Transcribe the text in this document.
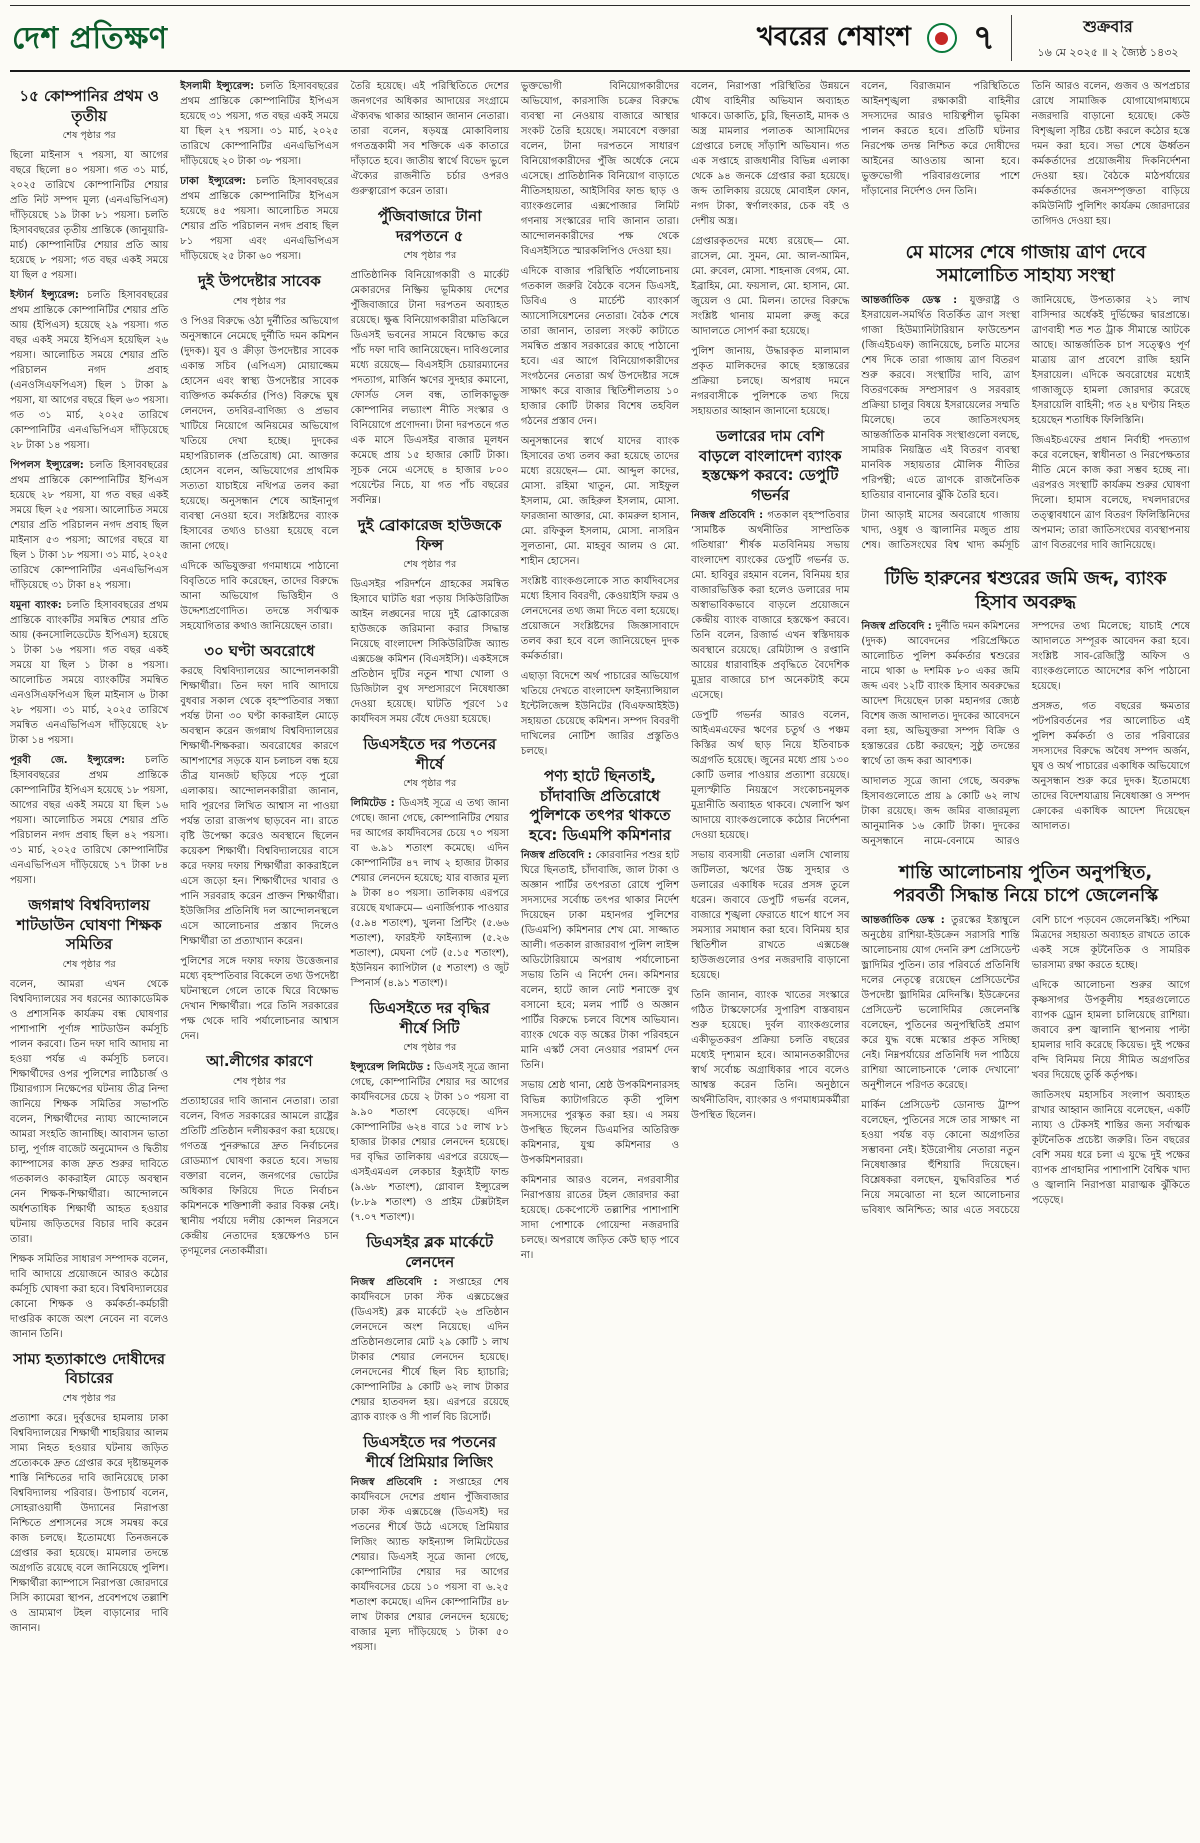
দেশ প্রতিক্ষণ	খবরের শেষাংশ ৭	শুক্রবার
১৬ মে ২০২৫ ॥ ২ জ্যৈষ্ঠ ১৪৩২
১৫ কোম্পানির প্রথম ও তৃতীয়
শেষ পৃষ্ঠার পর

ছিলো মাইনাস ৭ পয়সা, যা আগের বছরে ছিলো ৪০ পয়সা। গত ৩১ মার্চ, ২০২৫ তারিখে কোম্পানিটির শেয়ার প্রতি নিট সম্পদ মূল্য (এনএভিপিএস) দাঁড়িয়েছে ১৯ টাকা ৮১ পয়সা। চলতি হিসাববছরের তৃতীয় প্রান্তিকে (জানুয়ারি-মার্চ) কোম্পানিটির শেয়ার প্রতি আয় হয়েছে ৮ পয়সা; গত বছর একই সময়ে যা ছিল ৫ পয়সা।

ইস্টার্ন ইন্স্যুরেন্স: চলতি হিসাববছরের প্রথম প্রান্তিকে কোম্পানিটির শেয়ার প্রতি আয় (ইপিএস) হয়েছে ২৯ পয়সা। গত বছর একই সময়ে ইপিএস হয়েছিল ২৬ পয়সা। আলোচিত সময়ে শেয়ার প্রতি পরিচালন নগদ প্রবাহ (এনওসিএফপিএস) ছিল ১ টাকা ৯ পয়সা, যা আগের বছরে ছিল ৬৩ পয়সা। গত ৩১ মার্চ, ২০২৫ তারিখে কোম্পানিটির এনএভিপিএস দাঁড়িয়েছে ২৮ টাকা ১৪ পয়সা।

পিপলস ইন্স্যুরেন্স: চলতি হিসাববছরের প্রথম প্রান্তিকে কোম্পানিটির ইপিএস হয়েছে ২৮ পয়সা, যা গত বছর একই সময়ে ছিল ২৫ পয়সা। আলোচিত সময়ে শেয়ার প্রতি পরিচালন নগদ প্রবাহ ছিল মাইনাস ৫৩ পয়সা; আগের বছরে যা ছিল ১ টাকা ১৮ পয়সা। ৩১ মার্চ, ২০২৫ তারিখে কোম্পানিটির এনএভিপিএস দাঁড়িয়েছে ৩১ টাকা ৪২ পয়সা।

যমুনা ব্যাংক: চলতি হিসাববছরের প্রথম প্রান্তিকে ব্যাংকটির সমন্বিত শেয়ার প্রতি আয় (কনসোলিডেটেড ইপিএস) হয়েছে ১ টাকা ১৬ পয়সা। গত বছর একই সময়ে যা ছিল ১ টাকা ৪ পয়সা। আলোচিত সময়ে ব্যাংকটির সমন্বিত এনওসিএফপিএস ছিল মাইনাস ৬ টাকা ২৮ পয়সা। ৩১ মার্চ, ২০২৫ তারিখে সমন্বিত এনএভিপিএস দাঁড়িয়েছে ২৮ টাকা ১৪ পয়সা।

পূরবী জে. ইন্স্যুরেন্স: চলতি হিসাববছরের প্রথম প্রান্তিকে কোম্পানিটির ইপিএস হয়েছে ১৮ পয়সা, আগের বছর একই সময়ে যা ছিল ১৬ পয়সা। আলোচিত সময়ে শেয়ার প্রতি পরিচালন নগদ প্রবাহ ছিল ৪২ পয়সা। ৩১ মার্চ, ২০২৫ তারিখে কোম্পানিটির এনএভিপিএস দাঁড়িয়েছে ১৭ টাকা ৮৪ পয়সা।

জগন্নাথ বিশ্ববিদ্যালয় শাটডাউন ঘোষণা শিক্ষক সমিতির
শেষ পৃষ্ঠার পর

বলেন, আমরা এখন থেকে বিশ্ববিদ্যালয়ের সব ধরনের অ্যাকাডেমিক ও প্রশাসনিক কার্যক্রম বন্ধ ঘোষণার পাশাপাশি পূর্ণাঙ্গ শাটডাউন কর্মসূচি পালন করবো। তিন দফা দাবি আদায় না হওয়া পর্যন্ত এ কর্মসূচি চলবে। শিক্ষার্থীদের ওপর পুলিশের লাঠিচার্জ ও টিয়ারগ্যাস নিক্ষেপের ঘটনায় তীব্র নিন্দা জানিয়ে শিক্ষক সমিতির সভাপতি বলেন, শিক্ষার্থীদের ন্যায্য আন্দোলনে আমরা সংহতি জানাচ্ছি। আবাসন ভাতা চালু, পূর্ণাঙ্গ বাজেট অনুমোদন ও দ্বিতীয় ক্যাম্পাসের কাজ দ্রুত শুরুর দাবিতে গতকালও কাকরাইল মোড়ে অবস্থান নেন শিক্ষক-শিক্ষার্থীরা। আন্দোলনে অর্ধশতাধিক শিক্ষার্থী আহত হওয়ার ঘটনায় জড়িতদের বিচার দাবি করেন তারা।

শিক্ষক সমিতির সাধারণ সম্পাদক বলেন, দাবি আদায়ে প্রয়োজনে আরও কঠোর কর্মসূচি ঘোষণা করা হবে। বিশ্ববিদ্যালয়ের কোনো শিক্ষক ও কর্মকর্তা-কর্মচারী দাপ্তরিক কাজে অংশ নেবেন না বলেও জানান তিনি।

সাম্য হত্যাকাণ্ডে দোষীদের বিচারের
শেষ পৃষ্ঠার পর

প্রত্যাশা করে। দুর্বৃত্তদের হামলায় ঢাকা বিশ্ববিদ্যালয়ের শিক্ষার্থী শাহরিয়ার আলম সাম্য নিহত হওয়ার ঘটনায় জড়িত প্রত্যেককে দ্রুত গ্রেপ্তার করে দৃষ্টান্তমূলক শাস্তি নিশ্চিতের দাবি জানিয়েছে ঢাকা বিশ্ববিদ্যালয় পরিবার। উপাচার্য বলেন, সোহরাওয়ার্দী উদ্যানের নিরাপত্তা নিশ্চিতে প্রশাসনের সঙ্গে সমন্বয় করে কাজ চলছে। ইতোমধ্যে তিনজনকে গ্রেপ্তার করা হয়েছে। মামলার তদন্তে অগ্রগতি রয়েছে বলে জানিয়েছে পুলিশ। শিক্ষার্থীরা ক্যাম্পাসে নিরাপত্তা জোরদারে সিসি ক্যামেরা স্থাপন, প্রবেশপথে তল্লাশি ও ভ্রাম্যমাণ টহল বাড়ানোর দাবি জানান।

ইসলামী ইন্স্যুরেন্স: চলতি হিসাববছরের প্রথম প্রান্তিকে কোম্পানিটির ইপিএস হয়েছে ৩১ পয়সা, গত বছর একই সময়ে যা ছিল ২৭ পয়সা। ৩১ মার্চ, ২০২৫ তারিখে কোম্পানিটির এনএভিপিএস দাঁড়িয়েছে ২০ টাকা ৩৮ পয়সা।

ঢাকা ইন্স্যুরেন্স: চলতি হিসাববছরের প্রথম প্রান্তিকে কোম্পানিটির ইপিএস হয়েছে ৪৫ পয়সা। আলোচিত সময়ে শেয়ার প্রতি পরিচালন নগদ প্রবাহ ছিল ৮১ পয়সা এবং এনএভিপিএস দাঁড়িয়েছে ২৫ টাকা ৬০ পয়সা।

দুই উপদেষ্টার সাবেক
শেষ পৃষ্ঠার পর

ও পিওর বিরুদ্ধে ওঠা দুর্নীতির অভিযোগ অনুসন্ধানে নেমেছে দুর্নীতি দমন কমিশন (দুদক)। যুব ও ক্রীড়া উপদেষ্টার সাবেক একান্ত সচিব (এপিএস) মোয়াজ্জেম হোসেন এবং স্বাস্থ্য উপদেষ্টার সাবেক ব্যক্তিগত কর্মকর্তার (পিও) বিরুদ্ধে ঘুষ লেনদেন, তদবির-বাণিজ্য ও প্রভাব খাটিয়ে নিয়োগে অনিয়মের অভিযোগ খতিয়ে দেখা হচ্ছে। দুদকের মহাপরিচালক (প্রতিরোধ) মো. আক্তার হোসেন বলেন, অভিযোগের প্রাথমিক সত্যতা যাচাইয়ে নথিপত্র তলব করা হয়েছে। অনুসন্ধান শেষে আইনানুগ ব্যবস্থা নেওয়া হবে। সংশ্লিষ্টদের ব্যাংক হিসাবের তথ্যও চাওয়া হয়েছে বলে জানা গেছে।

এদিকে অভিযুক্তরা গণমাধ্যমে পাঠানো বিবৃতিতে দাবি করেছেন, তাদের বিরুদ্ধে আনা অভিযোগ ভিত্তিহীন ও উদ্দেশ্যপ্রণোদিত। তদন্তে সর্বাত্মক সহযোগিতার কথাও জানিয়েছেন তারা।

৩০ ঘণ্টা অবরোধে

করছে বিশ্ববিদ্যালয়ের আন্দোলনকারী শিক্ষার্থীরা। তিন দফা দাবি আদায়ে বুধবার সকাল থেকে বৃহস্পতিবার সন্ধ্যা পর্যন্ত টানা ৩০ ঘণ্টা কাকরাইল মোড়ে অবস্থান করেন জগন্নাথ বিশ্ববিদ্যালয়ের শিক্ষার্থী-শিক্ষকরা। অবরোধের কারণে আশপাশের সড়কে যান চলাচল বন্ধ হয়ে তীব্র যানজট ছড়িয়ে পড়ে পুরো এলাকায়। আন্দোলনকারীরা জানান, দাবি পূরণের লিখিত আশ্বাস না পাওয়া পর্যন্ত তারা রাজপথ ছাড়বেন না। রাতে বৃষ্টি উপেক্ষা করেও অবস্থানে ছিলেন কয়েকশ শিক্ষার্থী। বিশ্ববিদ্যালয়ের বাসে করে দফায় দফায় শিক্ষার্থীরা কাকরাইলে এসে জড়ো হন। শিক্ষার্থীদের খাবার ও পানি সরবরাহ করেন প্রাক্তন শিক্ষার্থীরা। ইউজিসির প্রতিনিধি দল আন্দোলনস্থলে এসে আলোচনার প্রস্তাব দিলেও শিক্ষার্থীরা তা প্রত্যাখ্যান করেন।

পুলিশের সঙ্গে দফায় দফায় উত্তেজনার মধ্যে বৃহস্পতিবার বিকেলে তথ্য উপদেষ্টা ঘটনাস্থলে গেলে তাকে ঘিরে বিক্ষোভ দেখান শিক্ষার্থীরা। পরে তিনি সরকারের পক্ষ থেকে দাবি পর্যালোচনার আশ্বাস দেন।

আ.লীগের কারণে
শেষ পৃষ্ঠার পর

প্রত্যাহারের দাবি জানান নেতারা। তারা বলেন, বিগত সরকারের আমলে রাষ্ট্রের প্রতিটি প্রতিষ্ঠান দলীয়করণ করা হয়েছে। গণতন্ত্র পুনরুদ্ধারে দ্রুত নির্বাচনের রোডম্যাপ ঘোষণা করতে হবে। সভায় বক্তারা বলেন, জনগণের ভোটের অধিকার ফিরিয়ে দিতে নির্বাচন কমিশনকে শক্তিশালী করার বিকল্প নেই। স্থানীয় পর্যায়ে দলীয় কোন্দল নিরসনে কেন্দ্রীয় নেতাদের হস্তক্ষেপও চান তৃণমূলের নেতাকর্মীরা।

তৈরি হয়েছে। এই পরিস্থিতিতে দেশের জনগণের অধিকার আদায়ের সংগ্রামে ঐক্যবদ্ধ থাকার আহ্বান জানান নেতারা। তারা বলেন, ষড়যন্ত্র মোকাবিলায় গণতন্ত্রকামী সব শক্তিকে এক কাতারে দাঁড়াতে হবে। জাতীয় স্বার্থে বিভেদ ভুলে ঐক্যের রাজনীতি চর্চার ওপরও গুরুত্বারোপ করেন তারা।

পুঁজিবাজারে টানা দরপতনে ৫
শেষ পৃষ্ঠার পর

প্রাতিষ্ঠানিক বিনিয়োগকারী ও মার্কেট মেকারদের নিষ্ক্রিয় ভূমিকায় দেশের পুঁজিবাজারে টানা দরপতন অব্যাহত রয়েছে। ক্ষুব্ধ বিনিয়োগকারীরা মতিঝিলে ডিএসই ভবনের সামনে বিক্ষোভ করে পাঁচ দফা দাবি জানিয়েছেন। দাবিগুলোর মধ্যে রয়েছে— বিএসইসি চেয়ারম্যানের পদত্যাগ, মার্জিন ঋণের সুদহার কমানো, ফোর্সড সেল বন্ধ, তালিকাভুক্ত কোম্পানির লভ্যাংশ নীতি সংস্কার ও বিনিয়োগে প্রণোদনা। টানা দরপতনে গত এক মাসে ডিএসইর বাজার মূলধন কমেছে প্রায় ১৫ হাজার কোটি টাকা। সূচক নেমে এসেছে ৪ হাজার ৮০০ পয়েন্টের নিচে, যা গত পাঁচ বছরের সর্বনিম্ন।

দুই ব্রোকারেজ হাউজকে ফিন্স
শেষ পৃষ্ঠার পর

ডিএসইর পরিদর্শনে গ্রাহকের সমন্বিত হিসাবে ঘাটতি ধরা পড়ায় সিকিউরিটিজ আইন লঙ্ঘনের দায়ে দুই ব্রোকারেজ হাউজকে জরিমানা করার সিদ্ধান্ত নিয়েছে বাংলাদেশ সিকিউরিটিজ অ্যান্ড এক্সচেঞ্জ কমিশন (বিএসইসি)। একইসঙ্গে প্রতিষ্ঠান দুটির নতুন শাখা খোলা ও ডিজিটাল বুথ সম্প্রসারণে নিষেধাজ্ঞা দেওয়া হয়েছে। ঘাটতি পূরণে ১৫ কার্যদিবস সময় বেঁধে দেওয়া হয়েছে।

ডিএসইতে দর পতনের শীর্ষে
শেষ পৃষ্ঠার পর

লিমিটেড : ডিএসই সূত্রে এ তথ্য জানা গেছে। জানা গেছে, কোম্পানিটির শেয়ার দর আগের কার্যদিবসের চেয়ে ৭০ পয়সা বা ৬.৯১ শতাংশ কমেছে। এদিন কোম্পানিটির ৪৭ লাখ ২ হাজার টাকার শেয়ার লেনদেন হয়েছে; যার বাজার মূল্য ৯ টাকা ৪০ পয়সা। তালিকায় এরপরে রয়েছে যথাক্রমে— এনার্জিপ্যাক পাওয়ার (৫.৯৪ শতাংশ), খুলনা প্রিন্টিং (৫.৬৬ শতাংশ), ফারইস্ট ফাইন্যান্স (৫.২৬ শতাংশ), মেঘনা পেট (৫.১৫ শতাংশ), ইউনিয়ন ক্যাপিটাল (৫ শতাংশ) ও জুট স্পিনার্স (৪.৯১ শতাংশ)।

ডিএসইতে দর বৃদ্ধির শীর্ষে সিটি
শেষ পৃষ্ঠার পর

ইন্স্যুরেন্স লিমিটেড : ডিএসই সূত্রে জানা গেছে, কোম্পানিটির শেয়ার দর আগের কার্যদিবসের চেয়ে ২ টাকা ১০ পয়সা বা ৯.৯০ শতাংশ বেড়েছে। এদিন কোম্পানিটির ৬২৪ বারে ১৫ লাখ ৮১ হাজার টাকার শেয়ার লেনদেন হয়েছে। দর বৃদ্ধির তালিকায় এরপরে রয়েছে— এসইএমএল লেকচার ইক্যুইটি ফান্ড (৯.৬৮ শতাংশ), গ্লোবাল ইন্স্যুরেন্স (৮.৮৯ শতাংশ) ও প্রাইম টেক্সটাইল (৭.০৭ শতাংশ)।

ডিএসইর ব্লক মার্কেটে লেনদেন

নিজস্ব প্রতিবেদি : সপ্তাহের শেষ কার্যদিবসে ঢাকা স্টক এক্সচেঞ্জের (ডিএসই) ব্লক মার্কেটে ২৬ প্রতিষ্ঠান লেনদেনে অংশ নিয়েছে। এদিন প্রতিষ্ঠানগুলোর মোট ২৯ কোটি ১ লাখ টাকার শেয়ার লেনদেন হয়েছে। লেনদেনের শীর্ষে ছিল বিচ হ্যাচারি; কোম্পানিটির ৯ কোটি ৬২ লাখ টাকার শেয়ার হাতবদল হয়। এরপরে রয়েছে ব্র্যাক ব্যাংক ও সী পার্ল বিচ রিসোর্ট।

ডিএসইতে দর পতনের শীর্ষে প্রিমিয়ার লিজিং

নিজস্ব প্রতিবেদি : সপ্তাহের শেষ কার্যদিবসে দেশের প্রধান পুঁজিবাজার ঢাকা স্টক এক্সচেঞ্জে (ডিএসই) দর পতনের শীর্ষে উঠে এসেছে প্রিমিয়ার লিজিং অ্যান্ড ফাইন্যান্স লিমিটেডের শেয়ার। ডিএসই সূত্রে জানা গেছে, কোম্পানিটির শেয়ার দর আগের কার্যদিবসের চেয়ে ১০ পয়সা বা ৬.২৫ শতাংশ কমেছে। এদিন কোম্পানিটির ৪৮ লাখ টাকার শেয়ার লেনদেন হয়েছে; বাজার মূল্য দাঁড়িয়েছে ১ টাকা ৫০ পয়সা।

ভুক্তভোগী বিনিয়োগকারীদের অভিযোগ, কারসাজি চক্রের বিরুদ্ধে ব্যবস্থা না নেওয়ায় বাজারে আস্থার সংকট তৈরি হয়েছে। সমাবেশে বক্তারা বলেন, টানা দরপতনে সাধারণ বিনিয়োগকারীদের পুঁজি অর্ধেকে নেমে এসেছে। প্রাতিষ্ঠানিক বিনিয়োগ বাড়াতে নীতিসহায়তা, আইসিবির ফান্ড ছাড় ও ব্যাংকগুলোর এক্সপোজার লিমিট গণনায় সংস্কারের দাবি জানান তারা। আন্দোলনকারীদের পক্ষ থেকে বিএসইসিতে স্মারকলিপিও দেওয়া হয়।

এদিকে বাজার পরিস্থিতি পর্যালোচনায় গতকাল জরুরি বৈঠকে বসেন ডিএসই, ডিবিএ ও মার্চেন্ট ব্যাংকার্স অ্যাসোসিয়েশনের নেতারা। বৈঠক শেষে তারা জানান, তারল্য সংকট কাটাতে সমন্বিত প্রস্তাব সরকারের কাছে পাঠানো হবে। এর আগে বিনিয়োগকারীদের সংগঠনের নেতারা অর্থ উপদেষ্টার সঙ্গে সাক্ষাৎ করে বাজার স্থিতিশীলতায় ১০ হাজার কোটি টাকার বিশেষ তহবিল গঠনের প্রস্তাব দেন।

অনুসন্ধানের স্বার্থে যাদের ব্যাংক হিসাবের তথ্য তলব করা হয়েছে তাদের মধ্যে রয়েছেন— মো. আব্দুল কাদের, মোসা. রহিমা খাতুন, মো. সাইফুল ইসলাম, মো. জহিরুল ইসলাম, মোসা. ফারজানা আক্তার, মো. কামরুল হাসান, মো. রফিকুল ইসলাম, মোসা. নাসরিন সুলতানা, মো. মাহবুব আলম ও মো. শাহীন হোসেন।

সংশ্লিষ্ট ব্যাংকগুলোকে সাত কার্যদিবসের মধ্যে হিসাব বিবরণী, কেওয়াইসি ফরম ও লেনদেনের তথ্য জমা দিতে বলা হয়েছে। প্রয়োজনে সংশ্লিষ্টদের জিজ্ঞাসাবাদে তলব করা হবে বলে জানিয়েছেন দুদক কর্মকর্তারা।

এছাড়া বিদেশে অর্থ পাচারের অভিযোগ খতিয়ে দেখতে বাংলাদেশ ফাইন্যান্সিয়াল ইন্টেলিজেন্স ইউনিটের (বিএফআইইউ) সহায়তা চেয়েছে কমিশন। সম্পদ বিবরণী দাখিলের নোটিশ জারির প্রস্তুতিও চলছে।

পণ্য হাটে ছিনতাই, চাঁদাবাজি প্রতিরোধে পুলিশকে তৎপর থাকতে হবে: ডিএমপি কমিশনার

নিজস্ব প্রতিবেদি : কোরবানির পশুর হাট ঘিরে ছিনতাই, চাঁদাবাজি, জাল টাকা ও অজ্ঞান পার্টির তৎপরতা রোধে পুলিশ সদস্যদের সর্বোচ্চ তৎপর থাকার নির্দেশ দিয়েছেন ঢাকা মহানগর পুলিশের (ডিএমপি) কমিশনার শেখ মো. সাজ্জাত আলী। গতকাল রাজারবাগ পুলিশ লাইন্স অডিটোরিয়ামে অপরাধ পর্যালোচনা সভায় তিনি এ নির্দেশ দেন। কমিশনার বলেন, হাটে জাল নোট শনাক্তে বুথ বসানো হবে; মলম পার্টি ও অজ্ঞান পার্টির বিরুদ্ধে চলবে বিশেষ অভিযান। ব্যাংক থেকে বড় অঙ্কের টাকা পরিবহনে মানি এস্কর্ট সেবা নেওয়ার পরামর্শ দেন তিনি।

সভায় শ্রেষ্ঠ থানা, শ্রেষ্ঠ উপকমিশনারসহ বিভিন্ন ক্যাটাগরিতে কৃতী পুলিশ সদস্যদের পুরস্কৃত করা হয়। এ সময় উপস্থিত ছিলেন ডিএমপির অতিরিক্ত কমিশনার, যুগ্ম কমিশনার ও উপকমিশনাররা।

কমিশনার আরও বলেন, নগরবাসীর নিরাপত্তায় রাতের টহল জোরদার করা হয়েছে। চেকপোস্টে তল্লাশির পাশাপাশি সাদা পোশাকে গোয়েন্দা নজরদারি চলছে। অপরাধে জড়িত কেউ ছাড় পাবে না।

বলেন, নিরাপত্তা পরিস্থিতির উন্নয়নে যৌথ বাহিনীর অভিযান অব্যাহত থাকবে। ডাকাতি, চুরি, ছিনতাই, মাদক ও অস্ত্র মামলার পলাতক আসামিদের গ্রেপ্তারে চলছে সাঁড়াশি অভিযান। গত এক সপ্তাহে রাজধানীর বিভিন্ন এলাকা থেকে ৯৪ জনকে গ্রেপ্তার করা হয়েছে। জব্দ তালিকায় রয়েছে মোবাইল ফোন, নগদ টাকা, স্বর্ণালংকার, চেক বই ও দেশীয় অস্ত্র।

গ্রেপ্তারকৃতদের মধ্যে রয়েছে— মো. রাসেল, মো. সুমন, মো. আল-আমিন, মো. রুবেল, মোসা. শাহনাজ বেগম, মো. ইব্রাহিম, মো. ফয়সাল, মো. হাসান, মো. জুয়েল ও মো. মিলন। তাদের বিরুদ্ধে সংশ্লিষ্ট থানায় মামলা রুজু করে আদালতে সোপর্দ করা হয়েছে।

পুলিশ জানায়, উদ্ধারকৃত মালামাল প্রকৃত মালিকদের কাছে হস্তান্তরের প্রক্রিয়া চলছে। অপরাধ দমনে নগরবাসীকে পুলিশকে তথ্য দিয়ে সহায়তার আহ্বান জানানো হয়েছে।

ডলারের দাম বেশি বাড়লে বাংলাদেশ ব্যাংক হস্তক্ষেপ করবে: ডেপুটি গভর্নর

নিজস্ব প্রতিবেদি : গতকাল বৃহস্পতিবার ‘সামষ্টিক অর্থনীতির সাম্প্রতিক গতিধারা’ শীর্ষক মতবিনিময় সভায় বাংলাদেশ ব্যাংকের ডেপুটি গভর্নর ড. মো. হাবিবুর রহমান বলেন, বিনিময় হার বাজারভিত্তিক করা হলেও ডলারের দাম অস্বাভাবিকভাবে বাড়লে প্রয়োজনে কেন্দ্রীয় ব্যাংক বাজারে হস্তক্ষেপ করবে। তিনি বলেন, রিজার্ভ এখন স্বস্তিদায়ক অবস্থানে রয়েছে। রেমিট্যান্স ও রপ্তানি আয়ের ধারাবাহিক প্রবৃদ্ধিতে বৈদেশিক মুদ্রার বাজারে চাপ অনেকটাই কমে এসেছে।

ডেপুটি গভর্নর আরও বলেন, আইএমএফের ঋণের চতুর্থ ও পঞ্চম কিস্তির অর্থ ছাড় নিয়ে ইতিবাচক অগ্রগতি হয়েছে। জুনের মধ্যে প্রায় ১৩০ কোটি ডলার পাওয়ার প্রত্যাশা রয়েছে। মূল্যস্ফীতি নিয়ন্ত্রণে সংকোচনমূলক মুদ্রানীতি অব্যাহত থাকবে। খেলাপি ঋণ আদায়ে ব্যাংকগুলোকে কঠোর নির্দেশনা দেওয়া হয়েছে।

সভায় ব্যবসায়ী নেতারা এলসি খোলায় জটিলতা, ঋণের উচ্চ সুদহার ও ডলারের একাধিক দরের প্রসঙ্গ তুলে ধরেন। জবাবে ডেপুটি গভর্নর বলেন, বাজারে শৃঙ্খলা ফেরাতে ধাপে ধাপে সব সমস্যার সমাধান করা হবে। বিনিময় হার স্থিতিশীল রাখতে এক্সচেঞ্জ হাউজগুলোর ওপর নজরদারি বাড়ানো হয়েছে।

তিনি জানান, ব্যাংক খাতের সংস্কারে গঠিত টাস্কফোর্সের সুপারিশ বাস্তবায়ন শুরু হয়েছে। দুর্বল ব্যাংকগুলোর একীভূতকরণ প্রক্রিয়া চলতি বছরের মধ্যেই দৃশ্যমান হবে। আমানতকারীদের স্বার্থ সর্বোচ্চ অগ্রাধিকার পাবে বলেও আশ্বস্ত করেন তিনি। অনুষ্ঠানে অর্থনীতিবিদ, ব্যাংকার ও গণমাধ্যমকর্মীরা উপস্থিত ছিলেন।

বলেন, বিরাজমান পরিস্থিতিতে আইনশৃঙ্খলা রক্ষাকারী বাহিনীর সদস্যদের আরও দায়িত্বশীল ভূমিকা পালন করতে হবে। প্রতিটি ঘটনার নিরপেক্ষ তদন্ত নিশ্চিত করে দোষীদের আইনের আওতায় আনা হবে। ভুক্তভোগী পরিবারগুলোর পাশে দাঁড়ানোর নির্দেশও দেন তিনি।

তিনি আরও বলেন, গুজব ও অপপ্রচার রোধে সামাজিক যোগাযোগমাধ্যমে নজরদারি বাড়ানো হয়েছে। কেউ বিশৃঙ্খলা সৃষ্টির চেষ্টা করলে কঠোর হস্তে দমন করা হবে। সভা শেষে ঊর্ধ্বতন কর্মকর্তাদের প্রয়োজনীয় দিকনির্দেশনা দেওয়া হয়। বৈঠকে মাঠপর্যায়ের কর্মকর্তাদের জনসম্পৃক্ততা বাড়িয়ে কমিউনিটি পুলিশিং কার্যক্রম জোরদারের তাগিদও দেওয়া হয়।

মে মাসের শেষে গাজায় ত্রাণ দেবে সমালোচিত সাহায্য সংস্থা

আন্তর্জাতিক ডেস্ক : যুক্তরাষ্ট্র ও ইসরায়েল-সমর্থিত বিতর্কিত ত্রাণ সংস্থা গাজা হিউম্যানিটারিয়ান ফাউন্ডেশন (জিএইচএফ) জানিয়েছে, চলতি মাসের শেষ দিকে তারা গাজায় ত্রাণ বিতরণ শুরু করবে। সংস্থাটির দাবি, ত্রাণ বিতরণকেন্দ্র সম্প্রসারণ ও সরবরাহ প্রক্রিয়া চালুর বিষয়ে ইসরায়েলের সম্মতি মিলেছে। তবে জাতিসংঘসহ আন্তর্জাতিক মানবিক সংস্থাগুলো বলছে, সামরিক নিয়ন্ত্রিত এই বিতরণ ব্যবস্থা মানবিক সহায়তার মৌলিক নীতির পরিপন্থী; এতে ত্রাণকে রাজনৈতিক হাতিয়ার বানানোর ঝুঁকি তৈরি হবে।

টানা আড়াই মাসের অবরোধে গাজায় খাদ্য, ওষুধ ও জ্বালানির মজুত প্রায় শেষ। জাতিসংঘের বিশ্ব খাদ্য কর্মসূচি জানিয়েছে, উপত্যকার ২১ লাখ বাসিন্দার অর্ধেকই দুর্ভিক্ষের দ্বারপ্রান্তে। ত্রাণবাহী শত শত ট্রাক সীমান্তে আটকে আছে। আন্তর্জাতিক চাপ সত্ত্বেও পূর্ণ মাত্রায় ত্রাণ প্রবেশে রাজি হয়নি ইসরায়েল। এদিকে অবরোধের মধ্যেই গাজাজুড়ে হামলা জোরদার করেছে ইসরায়েলি বাহিনী; গত ২৪ ঘণ্টায় নিহত হয়েছেন শতাধিক ফিলিস্তিনি।

জিএইচএফের প্রধান নির্বাহী পদত্যাগ করে বলেছেন, স্বাধীনতা ও নিরপেক্ষতার নীতি মেনে কাজ করা সম্ভব হচ্ছে না। এরপরও সংস্থাটি কার্যক্রম শুরুর ঘোষণা দিলো। হামাস বলেছে, দখলদারদের তত্ত্বাবধানে ত্রাণ বিতরণ ফিলিস্তিনিদের অপমান; তারা জাতিসংঘের ব্যবস্থাপনায় ত্রাণ বিতরণের দাবি জানিয়েছে।

টিভি হারুনের শ্বশুরের জমি জব্দ, ব্যাংক হিসাব অবরুদ্ধ

নিজস্ব প্রতিবেদি : দুর্নীতি দমন কমিশনের (দুদক) আবেদনের পরিপ্রেক্ষিতে আলোচিত পুলিশ কর্মকর্তার শ্বশুরের নামে থাকা ৬ দশমিক ৮০ একর জমি জব্দ এবং ১২টি ব্যাংক হিসাব অবরুদ্ধের আদেশ দিয়েছেন ঢাকা মহানগর জ্যেষ্ঠ বিশেষ জজ আদালত। দুদকের আবেদনে বলা হয়, অভিযুক্তরা সম্পদ বিক্রি ও হস্তান্তরের চেষ্টা করছেন; সুষ্ঠু তদন্তের স্বার্থে তা জব্দ করা আবশ্যক।

আদালত সূত্রে জানা গেছে, অবরুদ্ধ হিসাবগুলোতে প্রায় ৯ কোটি ৬২ লাখ টাকা রয়েছে। জব্দ জমির বাজারমূল্য আনুমানিক ১৬ কোটি টাকা। দুদকের অনুসন্ধানে নামে-বেনামে আরও সম্পদের তথ্য মিলেছে; যাচাই শেষে আদালতে সম্পূরক আবেদন করা হবে। সংশ্লিষ্ট সাব-রেজিস্ট্রি অফিস ও ব্যাংকগুলোতে আদেশের কপি পাঠানো হয়েছে।

প্রসঙ্গত, গত বছরের ক্ষমতার পটপরিবর্তনের পর আলোচিত এই পুলিশ কর্মকর্তা ও তার পরিবারের সদস্যদের বিরুদ্ধে অবৈধ সম্পদ অর্জন, ঘুষ ও অর্থ পাচারের একাধিক অভিযোগে অনুসন্ধান শুরু করে দুদক। ইতোমধ্যে তাদের বিদেশযাত্রায় নিষেধাজ্ঞা ও সম্পদ ক্রোকের একাধিক আদেশ দিয়েছেন আদালত।

শান্তি আলোচনায় পুতিন অনুপস্থিত, পরবর্তী সিদ্ধান্ত নিয়ে চাপে জেলেনস্কি

আন্তর্জাতিক ডেস্ক : তুরস্কের ইস্তাম্বুলে অনুষ্ঠেয় রাশিয়া-ইউক্রেন সরাসরি শান্তি আলোচনায় যোগ দেননি রুশ প্রেসিডেন্ট ভ্লাদিমির পুতিন। তার পরিবর্তে প্রতিনিধি দলের নেতৃত্বে রয়েছেন প্রেসিডেন্টের উপদেষ্টা ভ্লাদিমির মেদিনস্কি। ইউক্রেনের প্রেসিডেন্ট ভলোদিমির জেলেনস্কি বলেছেন, পুতিনের অনুপস্থিতিই প্রমাণ করে যুদ্ধ বন্ধে মস্কোর প্রকৃত সদিচ্ছা নেই। নিম্নপর্যায়ের প্রতিনিধি দল পাঠিয়ে রাশিয়া আলোচনাকে ‘লোক দেখানো’ অনুশীলনে পরিণত করেছে।

মার্কিন প্রেসিডেন্ট ডোনাল্ড ট্রাম্প বলেছেন, পুতিনের সঙ্গে তার সাক্ষাৎ না হওয়া পর্যন্ত বড় কোনো অগ্রগতির সম্ভাবনা নেই। ইউরোপীয় নেতারা নতুন নিষেধাজ্ঞার হুঁশিয়ারি দিয়েছেন। বিশ্লেষকরা বলছেন, যুদ্ধবিরতির শর্ত নিয়ে সমঝোতা না হলে আলোচনার ভবিষ্যৎ অনিশ্চিত; আর এতে সবচেয়ে বেশি চাপে পড়বেন জেলেনস্কিই। পশ্চিমা মিত্রদের সহায়তা অব্যাহত রাখতে তাকে একই সঙ্গে কূটনৈতিক ও সামরিক ভারসাম্য রক্ষা করতে হচ্ছে।

এদিকে আলোচনা শুরুর আগে কৃষ্ণসাগর উপকূলীয় শহরগুলোতে ব্যাপক ড্রোন হামলা চালিয়েছে রাশিয়া। জবাবে রুশ জ্বালানি স্থাপনায় পাল্টা হামলার দাবি করেছে কিয়েভ। দুই পক্ষের বন্দি বিনিময় নিয়ে সীমিত অগ্রগতির খবর দিয়েছে তুর্কি কর্তৃপক্ষ।

জাতিসংঘ মহাসচিব সংলাপ অব্যাহত রাখার আহ্বান জানিয়ে বলেছেন, একটি ন্যায্য ও টেকসই শান্তির জন্য সর্বাত্মক কূটনৈতিক প্রচেষ্টা জরুরি। তিন বছরের বেশি সময় ধরে চলা এ যুদ্ধে দুই পক্ষের ব্যাপক প্রাণহানির পাশাপাশি বৈশ্বিক খাদ্য ও জ্বালানি নিরাপত্তা মারাত্মক ঝুঁকিতে পড়েছে।
